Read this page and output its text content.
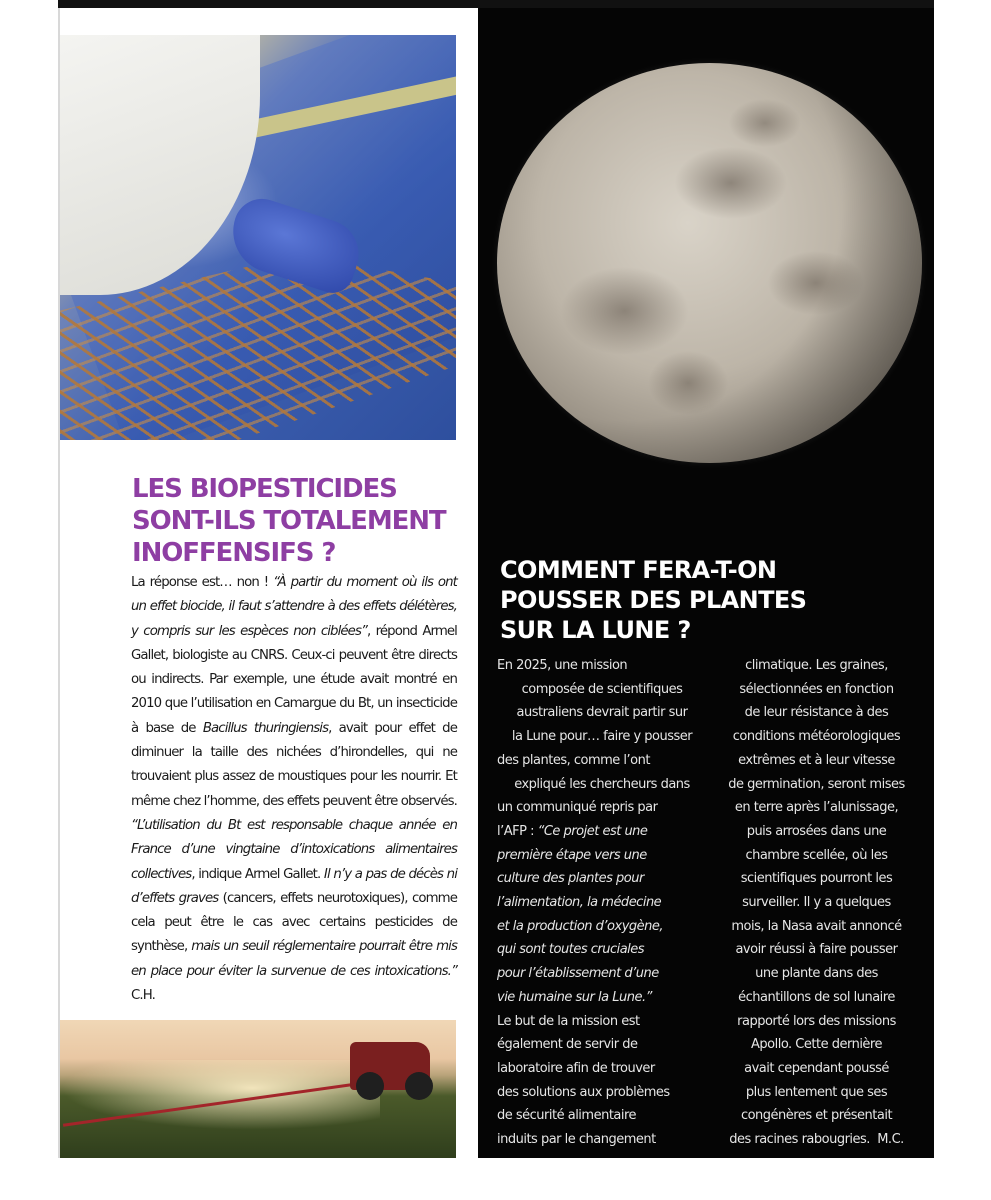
LES BIOPESTICIDES
SONT-ILS TOTALEMENT
INOFFENSIFS ?

La réponse est… non ! “À partir du moment où ils ont un effet biocide, il faut s’attendre à des effets délétères, y compris sur les espèces non ciblées”, répond Armel Gallet, biologiste au CNRS. Ceux-ci peuvent être directs ou indirects. Par exemple, une étude avait montré en 2010 que l’utilisation en Camargue du Bt, un insecticide à base de Bacillus thuringiensis, avait pour effet de diminuer la taille des nichées d’hirondelles, qui ne trouvaient plus assez de moustiques pour les nourrir. Et même chez l’homme, des effets peuvent être observés. “L’utilisation du Bt est responsable chaque année en France d’une vingtaine d’intoxications alimentaires collectives, indique Armel Gallet. Il n’y a pas de décès ni d’effets graves (cancers, effets neurotoxiques), comme cela peut être le cas avec certains pesticides de synthèse, mais un seuil réglementaire pourrait être mis en place pour éviter la survenue de ces intoxications.” C.H.

COMMENT FERA-T-ON
POUSSER DES PLANTES
SUR LA LUNE ?

En 2025, une mission
composée de scientifiques
australiens devrait partir sur
la Lune pour… faire y pousser
des plantes, comme l’ont
expliqué les chercheurs dans
un communiqué repris par
l’AFP : “Ce projet est une
première étape vers une
culture des plantes pour
l’alimentation, la médecine
et la production d’oxygène,
qui sont toutes cruciales
pour l’établissement d’une
vie humaine sur la Lune.”
Le but de la mission est
également de servir de
laboratoire afin de trouver
des solutions aux problèmes
de sécurité alimentaire
induits par le changement

climatique. Les graines,
sélectionnées en fonction
de leur résistance à des
conditions météorologiques
extrêmes et à leur vitesse
de germination, seront mises
en terre après l’alunissage,
puis arrosées dans une
chambre scellée, où les
scientifiques pourront les
surveiller. Il y a quelques
mois, la Nasa avait annoncé
avoir réussi à faire pousser
une plante dans des
échantillons de sol lunaire
rapporté lors des missions
Apollo. Cette dernière
avait cependant poussé
plus lentement que ses
congénères et présentait
des racines rabougries. M.C.
